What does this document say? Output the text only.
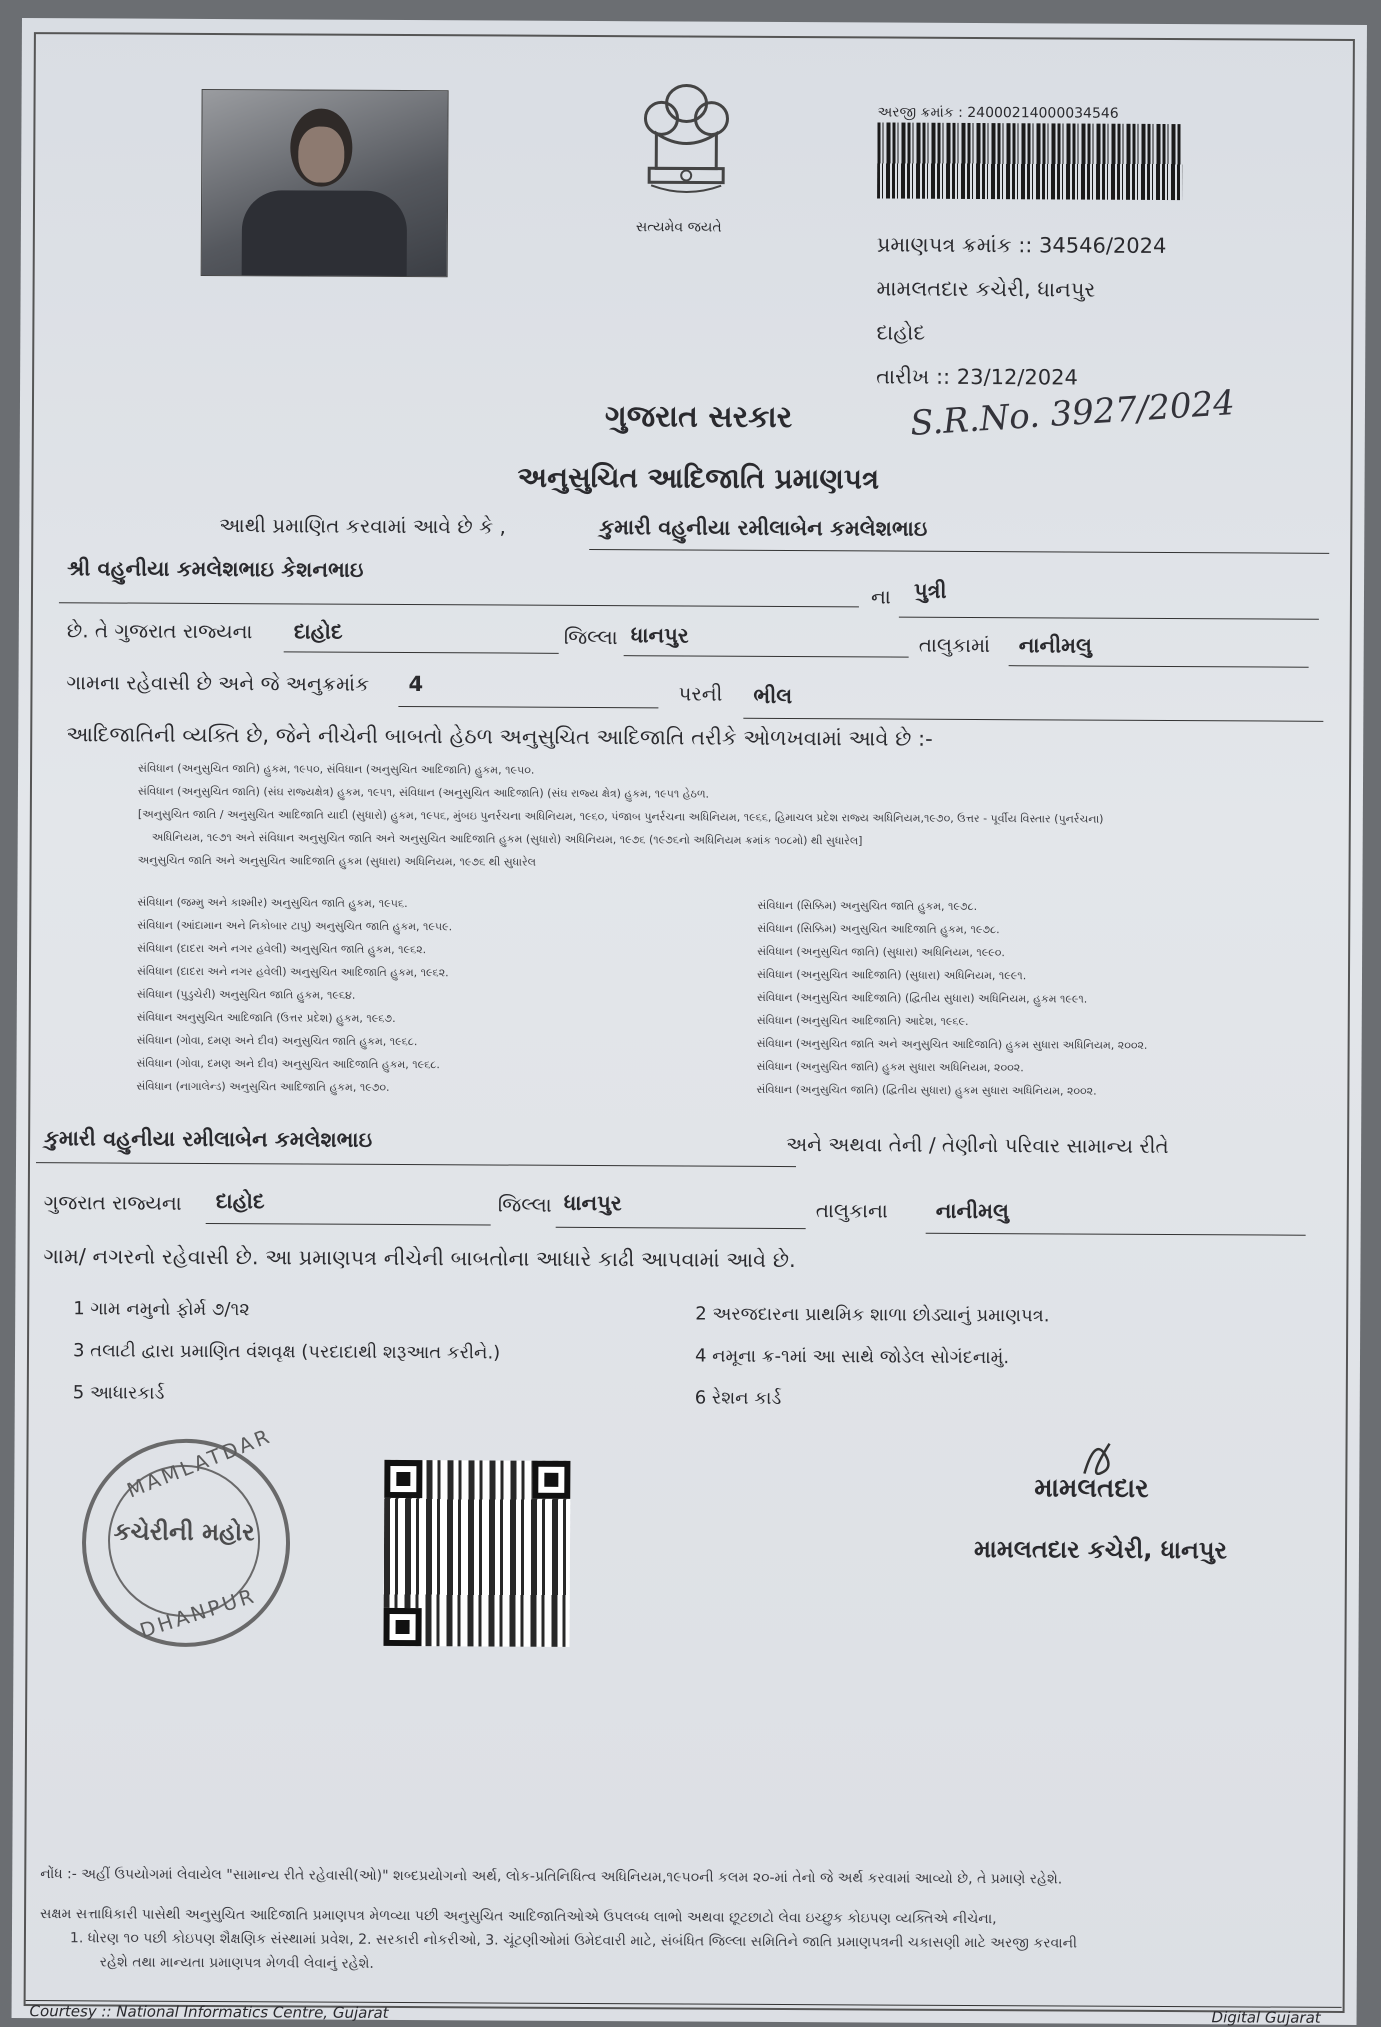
સત્યમેવ જયતે
અરજી ક્રમાંક : 24000214000034546
પ્રમાણપત્ર ક્રમાંક :: 34546/2024
મામલતદાર કચેરી, ધાનપુર
દાહોદ
તારીખ :: 23/12/2024
ગુજરાત સરકાર	S.R.No. 3927/2024
અનુસુચિત આદિજાતિ પ્રમાણપત્ર
આથી પ્રમાણિત કરવામાં આવે છે કે ,	કુમારી વહુનીયા રમીલાબેન કમલેશભાઇ
શ્રી વહુનીયા કમલેશભાઇ કેશનભાઇ
ના પુત્રી
છે. તે ગુજરાત રાજ્યના દાહોદ	જિલ્લા ધાનપુર	તાલુકામાં નાનીમલુ
ગામના રહેવાસી છે અને જે અનુક્રમાંક 4	પરની ભીલ
આદિજાતિની વ્યક્તિ છે, જેને નીચેની બાબતો હેઠળ અનુસુચિત આદિજાતિ તરીકે ઓળખવામાં આવે છે :-
સંવિધાન (અનુસુચિત જાતિ) હુકમ, ૧૯૫૦, સંવિધાન (અનુસુચિત આદિજાતિ) હુકમ, ૧૯૫૦.
સંવિધાન (અનુસુચિત જાતિ) (સંઘ રાજ્યક્ષેત્ર) હુકમ, ૧૯૫૧, સંવિધાન (અનુસુચિત આદિજાતિ) (સંઘ રાજ્ય ક્ષેત્ર) હુકમ, ૧૯૫૧ હેઠળ.
[અનુસુચિત જાતિ / અનુસુચિત આદિજાતિ યાદી (સુધારો) હુકમ, ૧૯૫૬, મુંબઇ પુનર્રચના અધિનિયમ, ૧૯૬૦, પંજાબ પુનર્રચના અધિનિયમ, ૧૯૬૬, હિમાચલ પ્રદેશ રાજ્ય અધિનિયમ,૧૯૭૦, ઉત્તર - પૂર્વીય વિસ્તાર (પુનર્રચના)
અધિનિયમ, ૧૯૭૧ અને સંવિધાન અનુસુચિત જાતિ અને અનુસુચિત આદિજાતિ હુકમ (સુધારો) અધિનિયમ, ૧૯૭૬ (૧૯૭૬નો અધિનિયમ ક્રમાંક ૧૦૮મો) થી સુધારેલ]
અનુસુચિત જાતિ અને અનુસુચિત આદિજાતિ હુકમ (સુધારા) અધિનિયમ, ૧૯૭૬ થી સુધારેલ
સંવિધાન (જમ્મુ અને કાશ્મીર) અનુસુચિત જાતિ હુકમ, ૧૯૫૬.
સંવિધાન (આંદામાન અને નિકોબાર ટાપુ) અનુસુચિત જાતિ હુકમ, ૧૯૫૯.
સંવિધાન (દાદરા અને નગર હવેલી) અનુસુચિત જાતિ હુકમ, ૧૯૬૨.
સંવિધાન (દાદરા અને નગર હવેલી) અનુસુચિત આદિજાતિ હુકમ, ૧૯૬૨.
સંવિધાન (પુડુચેરી) અનુસુચિત જાતિ હુકમ, ૧૯૬૪.
સંવિધાન અનુસુચિત આદિજાતિ (ઉત્તર પ્રદેશ) હુકમ, ૧૯૬૭.
સંવિધાન (ગોવા, દમણ અને દીવ) અનુસુચિત જાતિ હુકમ, ૧૯૬૮.
સંવિધાન (ગોવા, દમણ અને દીવ) અનુસુચિત આદિજાતિ હુકમ, ૧૯૬૮.
સંવિધાન (નાગાલેન્ડ) અનુસુચિત આદિજાતિ હુકમ, ૧૯૭૦.
સંવિધાન (સિક્કિમ) અનુસુચિત જાતિ હુકમ, ૧૯૭૮.
સંવિધાન (સિક્કિમ) અનુસુચિત આદિજાતિ હુકમ, ૧૯૭૮.
સંવિધાન (અનુસુચિત જાતિ) (સુધારા) અધિનિયમ, ૧૯૯૦.
સંવિધાન (અનુસુચિત આદિજાતિ) (સુધારા) અધિનિયમ, ૧૯૯૧.
સંવિધાન (અનુસુચિત આદિજાતિ) (દ્વિતીય સુધારા) અધિનિયમ, હુકમ ૧૯૯૧.
સંવિધાન (અનુસુચિત આદિજાતિ) આદેશ, ૧૯૬૯.
સંવિધાન (અનુસુચિત જાતિ અને અનુસુચિત આદિજાતિ) હુકમ સુધારા અધિનિયમ, ૨૦૦૨.
સંવિધાન (અનુસુચિત જાતિ) હુકમ સુધારા અધિનિયમ, ૨૦૦૨.
સંવિધાન (અનુસુચિત જાતિ) (દ્વિતીય સુધારા) હુકમ સુધારા અધિનિયમ, ૨૦૦૨.
કુમારી વહુનીયા રમીલાબેન કમલેશભાઇ	અને અથવા તેની / તેણીનો પરિવાર સામાન્ય રીતે
ગુજરાત રાજ્યના દાહોદ	જિલ્લા ધાનપુર	તાલુકાના નાનીમલુ
ગામ/ નગરનો રહેવાસી છે. આ પ્રમાણપત્ર નીચેની બાબતોના આધારે કાઢી આપવામાં આવે છે.
1 ગામ નમુનો ફોર્મ ૭/૧૨	2 અરજદારના પ્રાથમિક શાળા છોડ્યાનું પ્રમાણપત્ર.
3 તલાટી દ્વારા પ્રમાણિત વંશવૃક્ષ (પરદાદાથી શરૂઆત કરીને.)	4 નમૂના ક્ર-૧માં આ સાથે જોડેલ સોગંદનામું.
5 આધારકાર્ડ	6 રેશન કાર્ડ
MAMLATDAR
કચેરીની મહોર
DHANPUR
મામલતદાર
મામલતદાર કચેરી, ધાનપુર
નોંધ :- અહીં ઉપયોગમાં લેવાયેલ "સામાન્ય રીતે રહેવાસી(ઓ)" શબ્દપ્રયોગનો અર્થ, લોક-પ્રતિનિધિત્વ અધિનિયમ,૧૯૫૦ની કલમ ૨૦-માં તેનો જે અર્થ કરવામાં આવ્યો છે, તે પ્રમાણે રહેશે.
સક્ષમ સત્તાધિકારી પાસેથી અનુસુચિત આદિજાતિ પ્રમાણપત્ર મેળવ્યા પછી અનુસુચિત આદિજાતિઓએ ઉપલબ્ધ લાભો અથવા છૂટછાટો લેવા ઇચ્છુક કોઇપણ વ્યક્તિએ નીચેના,
1. ધોરણ ૧૦ પછી કોઇપણ શૈક્ષણિક સંસ્થામાં પ્રવેશ, 2. સરકારી નોકરીઓ, 3. ચૂંટણીઓમાં ઉમેદવારી માટે, સંબંધિત જિલ્લા સમિતિને જાતિ પ્રમાણપત્રની ચકાસણી માટે અરજી કરવાની
રહેશે તથા માન્યતા પ્રમાણપત્ર મેળવી લેવાનું રહેશે.
Courtesy :: National Informatics Centre, Gujarat	Digital Gujarat
